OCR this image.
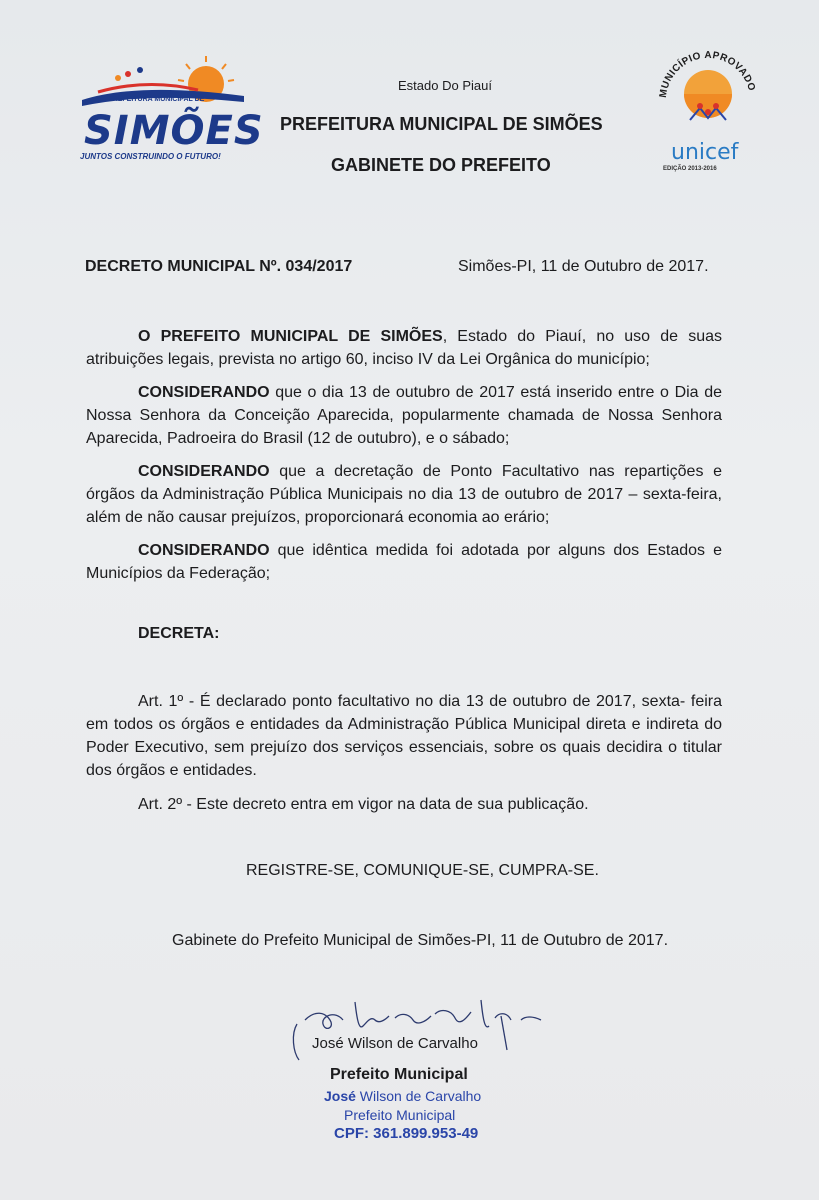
PREFEITURA MUNICIPAL DE
SIMÕES
JUNTOS CONSTRUINDO O FUTURO!
Estado Do Piauí
PREFEITURA MUNICIPAL DE SIMÕES
GABINETE DO PREFEITO
MUNICÍPIO APROVADO
unicef
EDIÇÃO 2013-2016
DECRETO MUNICIPAL Nº. 034/2017	Simões-PI, 11 de Outubro de 2017.
O PREFEITO MUNICIPAL DE SIMÕES, Estado do Piauí, no uso de suas atribuições legais, prevista no artigo 60, inciso IV da Lei Orgânica do município;
CONSIDERANDO que o dia 13 de outubro de 2017 está inserido entre o Dia de Nossa Senhora da Conceição Aparecida, popularmente chamada de Nossa Senhora Aparecida, Padroeira do Brasil (12 de outubro), e o sábado;
CONSIDERANDO que a decretação de Ponto Facultativo nas repartições e órgãos da Administração Pública Municipais no dia 13 de outubro de 2017 – sexta-feira, além de não causar prejuízos, proporcionará economia ao erário;
CONSIDERANDO que idêntica medida foi adotada por alguns dos Estados e Municípios da Federação;
DECRETA:
Art. 1º - É declarado ponto facultativo no dia 13 de outubro de 2017, sexta- feira em todos os órgãos e entidades da Administração Pública Municipal direta e indireta do Poder Executivo, sem prejuízo dos serviços essenciais, sobre os quais decidira o titular dos órgãos e entidades.
Art. 2º - Este decreto entra em vigor na data de sua publicação.
REGISTRE-SE, COMUNIQUE-SE, CUMPRA-SE.
Gabinete do Prefeito Municipal de Simões-PI, 11 de Outubro de 2017.
José Wilson de Carvalho
Prefeito Municipal
José Wilson de Carvalho
Prefeito Municipal
CPF: 361.899.953-49
